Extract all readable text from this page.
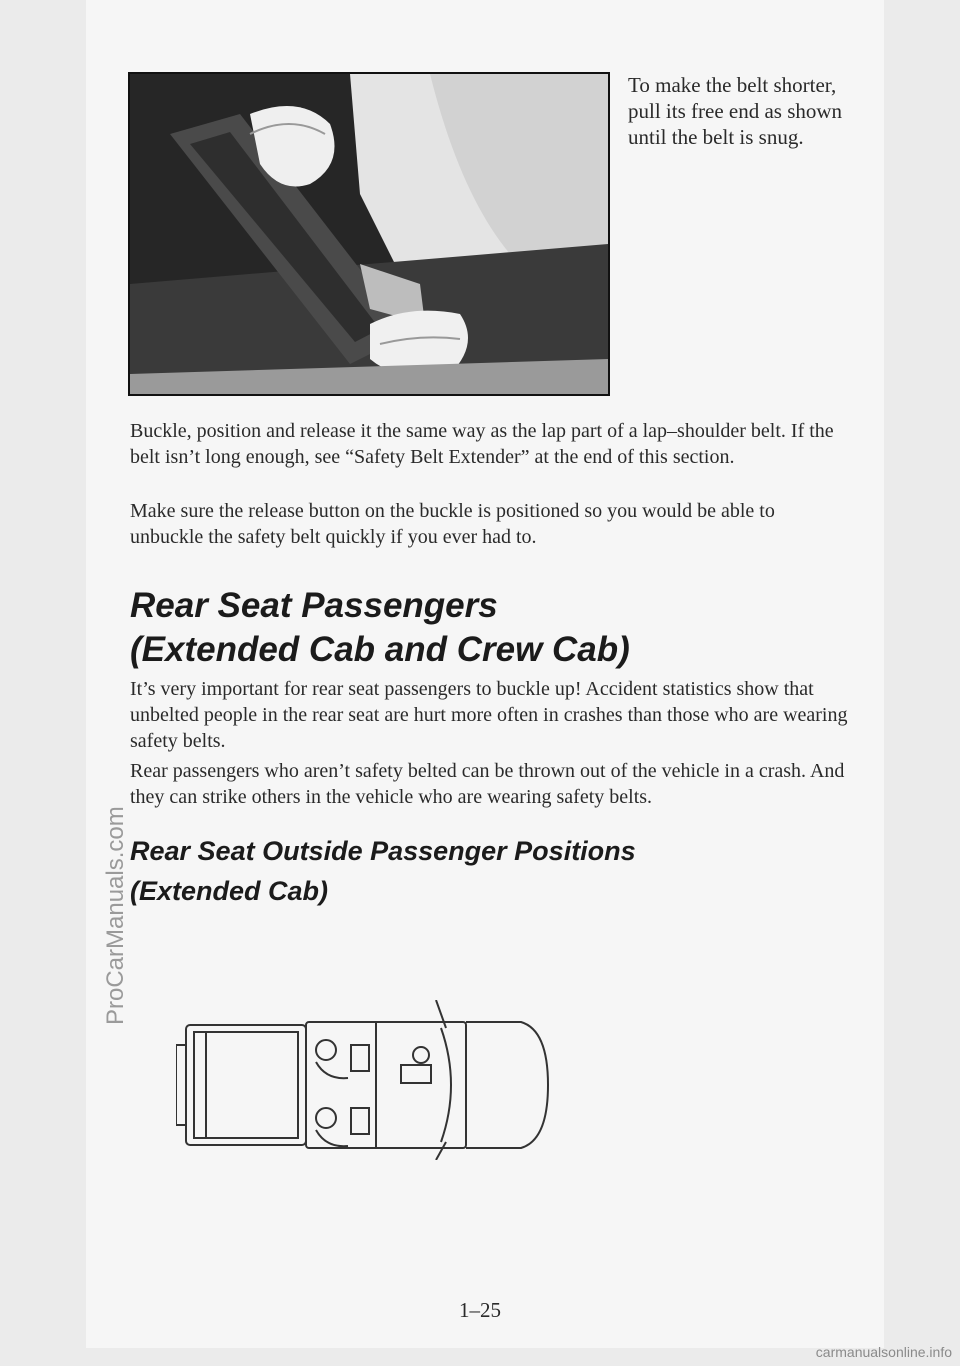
To make the belt shorter, pull its free end as shown until the belt is snug.
Buckle, position and release it the same way as the lap part of a lap–shoulder belt. If the belt isn’t long enough, see “Safety Belt Extender” at the end of this section.
Make sure the release button on the buckle is positioned so you would be able to unbuckle the safety belt quickly if you ever had to.
Rear Seat Passengers
(Extended Cab and Crew Cab)
It’s very important for rear seat passengers to buckle up! Accident statistics show that unbelted people in the rear seat are hurt more often in crashes than those who are wearing safety belts.
Rear passengers who aren’t safety belted can be thrown out of the vehicle in a crash. And they can strike others in the vehicle who are wearing safety belts.
Rear Seat Outside Passenger Positions
(Extended Cab)
1–25
ProCarManuals.com
carmanualsonline.info
